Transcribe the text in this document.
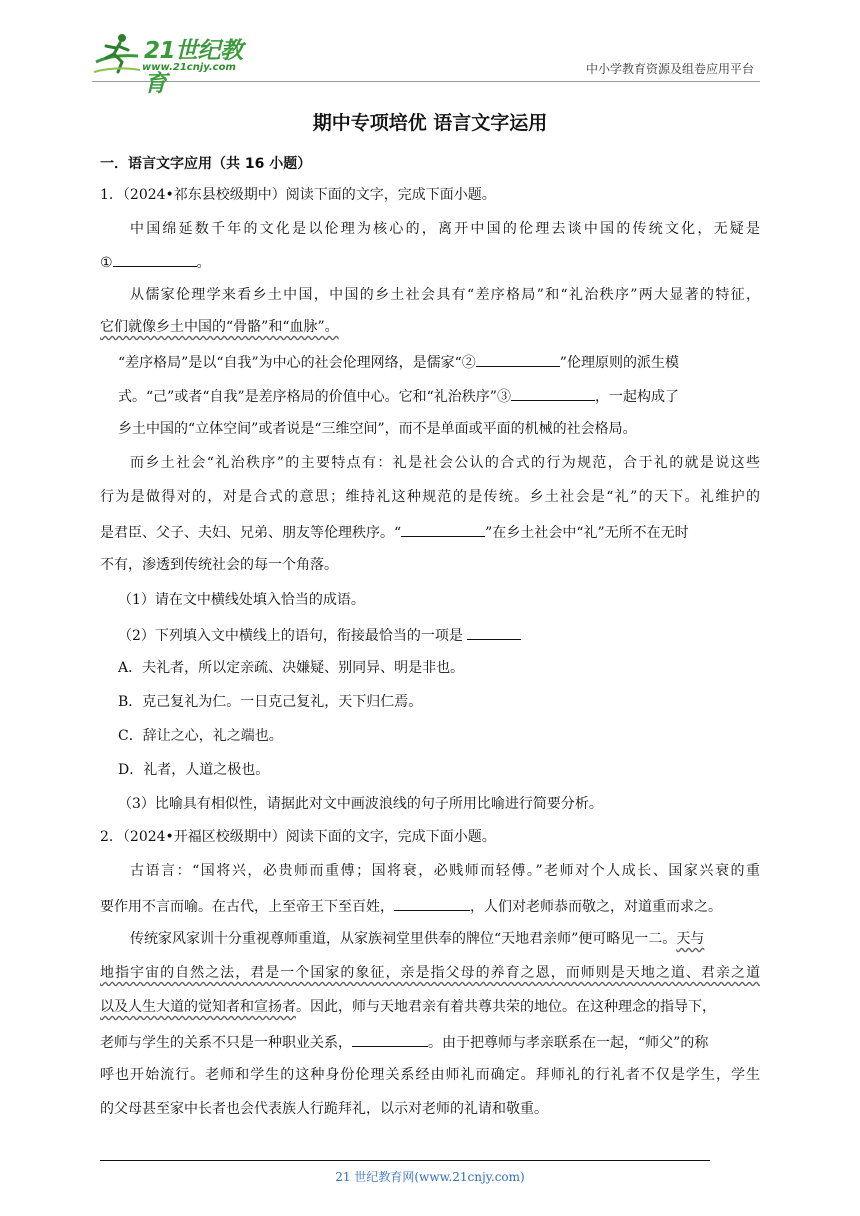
21世纪教育
www.21cnjy.com	中小学教育资源及组卷应用平台
期中专项培优 语言文字运用
一．语言文字应用（共 16 小题）
1．（2024•祁东县校级期中）阅读下面的文字，完成下面小题。
中国绵延数千年的文化是以伦理为核心的，离开中国的伦理去谈中国的传统文化，无疑是
①	。
从儒家伦理学来看乡土中国，中国的乡土社会具有“差序格局”和“礼治秩序”两大显著的特征，
它们就像乡土中国的“骨骼”和“血脉”。
“差序格局”是以“自我”为中心的社会伦理网络，是儒家“②	”伦理原则的派生模
式。“己”或者“自我”是差序格局的价值中心。它和“礼治秩序”③	，一起构成了
乡土中国的“立体空间”或者说是“三维空间”，而不是单面或平面的机械的社会格局。
而乡土社会“礼治秩序”的主要特点有：礼是社会公认的合式的行为规范，合于礼的就是说这些
行为是做得对的，对是合式的意思；维持礼这种规范的是传统。乡土社会是“礼”的天下。礼维护的
是君臣、父子、夫妇、兄弟、朋友等伦理秩序。“	”在乡土社会中“礼”无所不在无时
不有，渗透到传统社会的每一个角落。
（1）请在文中横线处填入恰当的成语。
（2）下列填入文中横线上的语句，衔接最恰当的一项是
A．夫礼者，所以定亲疏、决嫌疑、别同异、明是非也。
B．克己复礼为仁。一日克己复礼，天下归仁焉。
C．辞让之心，礼之端也。
D．礼者，人道之极也。
（3）比喻具有相似性，请据此对文中画波浪线的句子所用比喻进行简要分析。
2．（2024•开福区校级期中）阅读下面的文字，完成下面小题。
古语言：“国将兴，必贵师而重傅；国将衰，必贱师而轻傅。”老师对个人成长、国家兴衰的重
要作用不言而喻。在古代，上至帝王下至百姓，	，人们对老师恭而敬之，对道重而求之。
传统家风家训十分重视尊师重道，从家族祠堂里供奉的牌位“天地君亲师”便可略见一二。天与
地指宇宙的自然之法，君是一个国家的象征，亲是指父母的养育之恩，而师则是天地之道、君亲之道
以及人生大道的觉知者和宣扬者。因此，师与天地君亲有着共尊共荣的地位。在这种理念的指导下，
老师与学生的关系不只是一种职业关系，	。由于把尊师与孝亲联系在一起，“师父”的称
呼也开始流行。老师和学生的这种身份伦理关系经由师礼而确定。拜师礼的行礼者不仅是学生，学生
的父母甚至家中长者也会代表族人行跪拜礼，以示对老师的礼请和敬重。
21 世纪教育网(www.21cnjy.com)
